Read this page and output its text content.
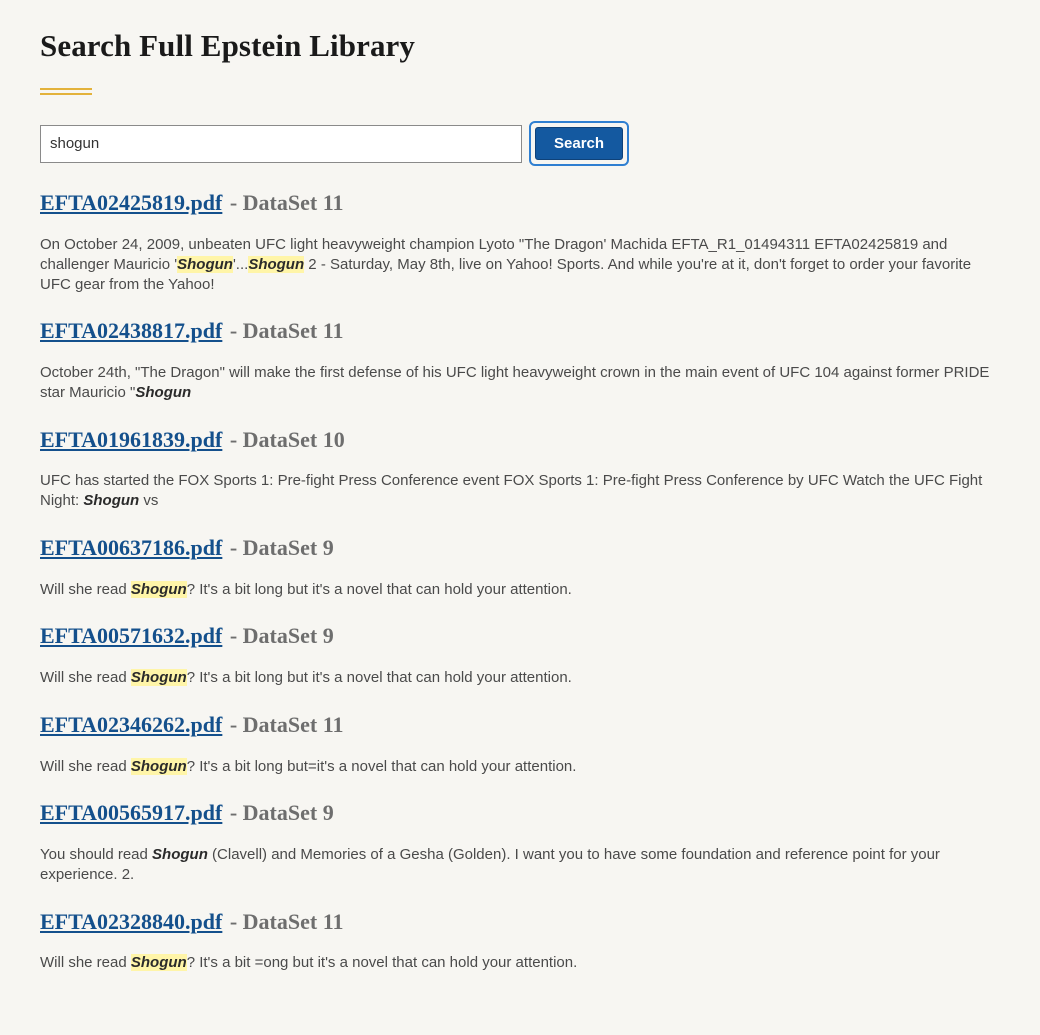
Search Full Epstein Library
shogun
Search
EFTA02425819.pdf - DataSet 11
On October 24, 2009, unbeaten UFC light heavyweight champion Lyoto "The Dragon' Machida EFTA_R1_01494311 EFTA02425819 and challenger Mauricio 'Shogun'...Shogun 2 - Saturday, May 8th, live on Yahoo! Sports. And while you're at it, don't forget to order your favorite UFC gear from the Yahoo!
EFTA02438817.pdf - DataSet 11
October 24th, "The Dragon" will make the first defense of his UFC light heavyweight crown in the main event of UFC 104 against former PRIDE star Mauricio "Shogun
EFTA01961839.pdf - DataSet 10
UFC has started the FOX Sports 1: Pre-fight Press Conference event FOX Sports 1: Pre-fight Press Conference by UFC Watch the UFC Fight Night: Shogun vs
EFTA00637186.pdf - DataSet 9
Will she read Shogun? It's a bit long but it's a novel that can hold your attention.
EFTA00571632.pdf - DataSet 9
Will she read Shogun? It's a bit long but it's a novel that can hold your attention.
EFTA02346262.pdf - DataSet 11
Will she read Shogun? It's a bit long but=it's a novel that can hold your attention.
EFTA00565917.pdf - DataSet 9
You should read Shogun (Clavell) and Memories of a Gesha (Golden). I want you to have some foundation and reference point for your experience. 2.
EFTA02328840.pdf - DataSet 11
Will she read Shogun? It's a bit =ong but it's a novel that can hold your attention.
